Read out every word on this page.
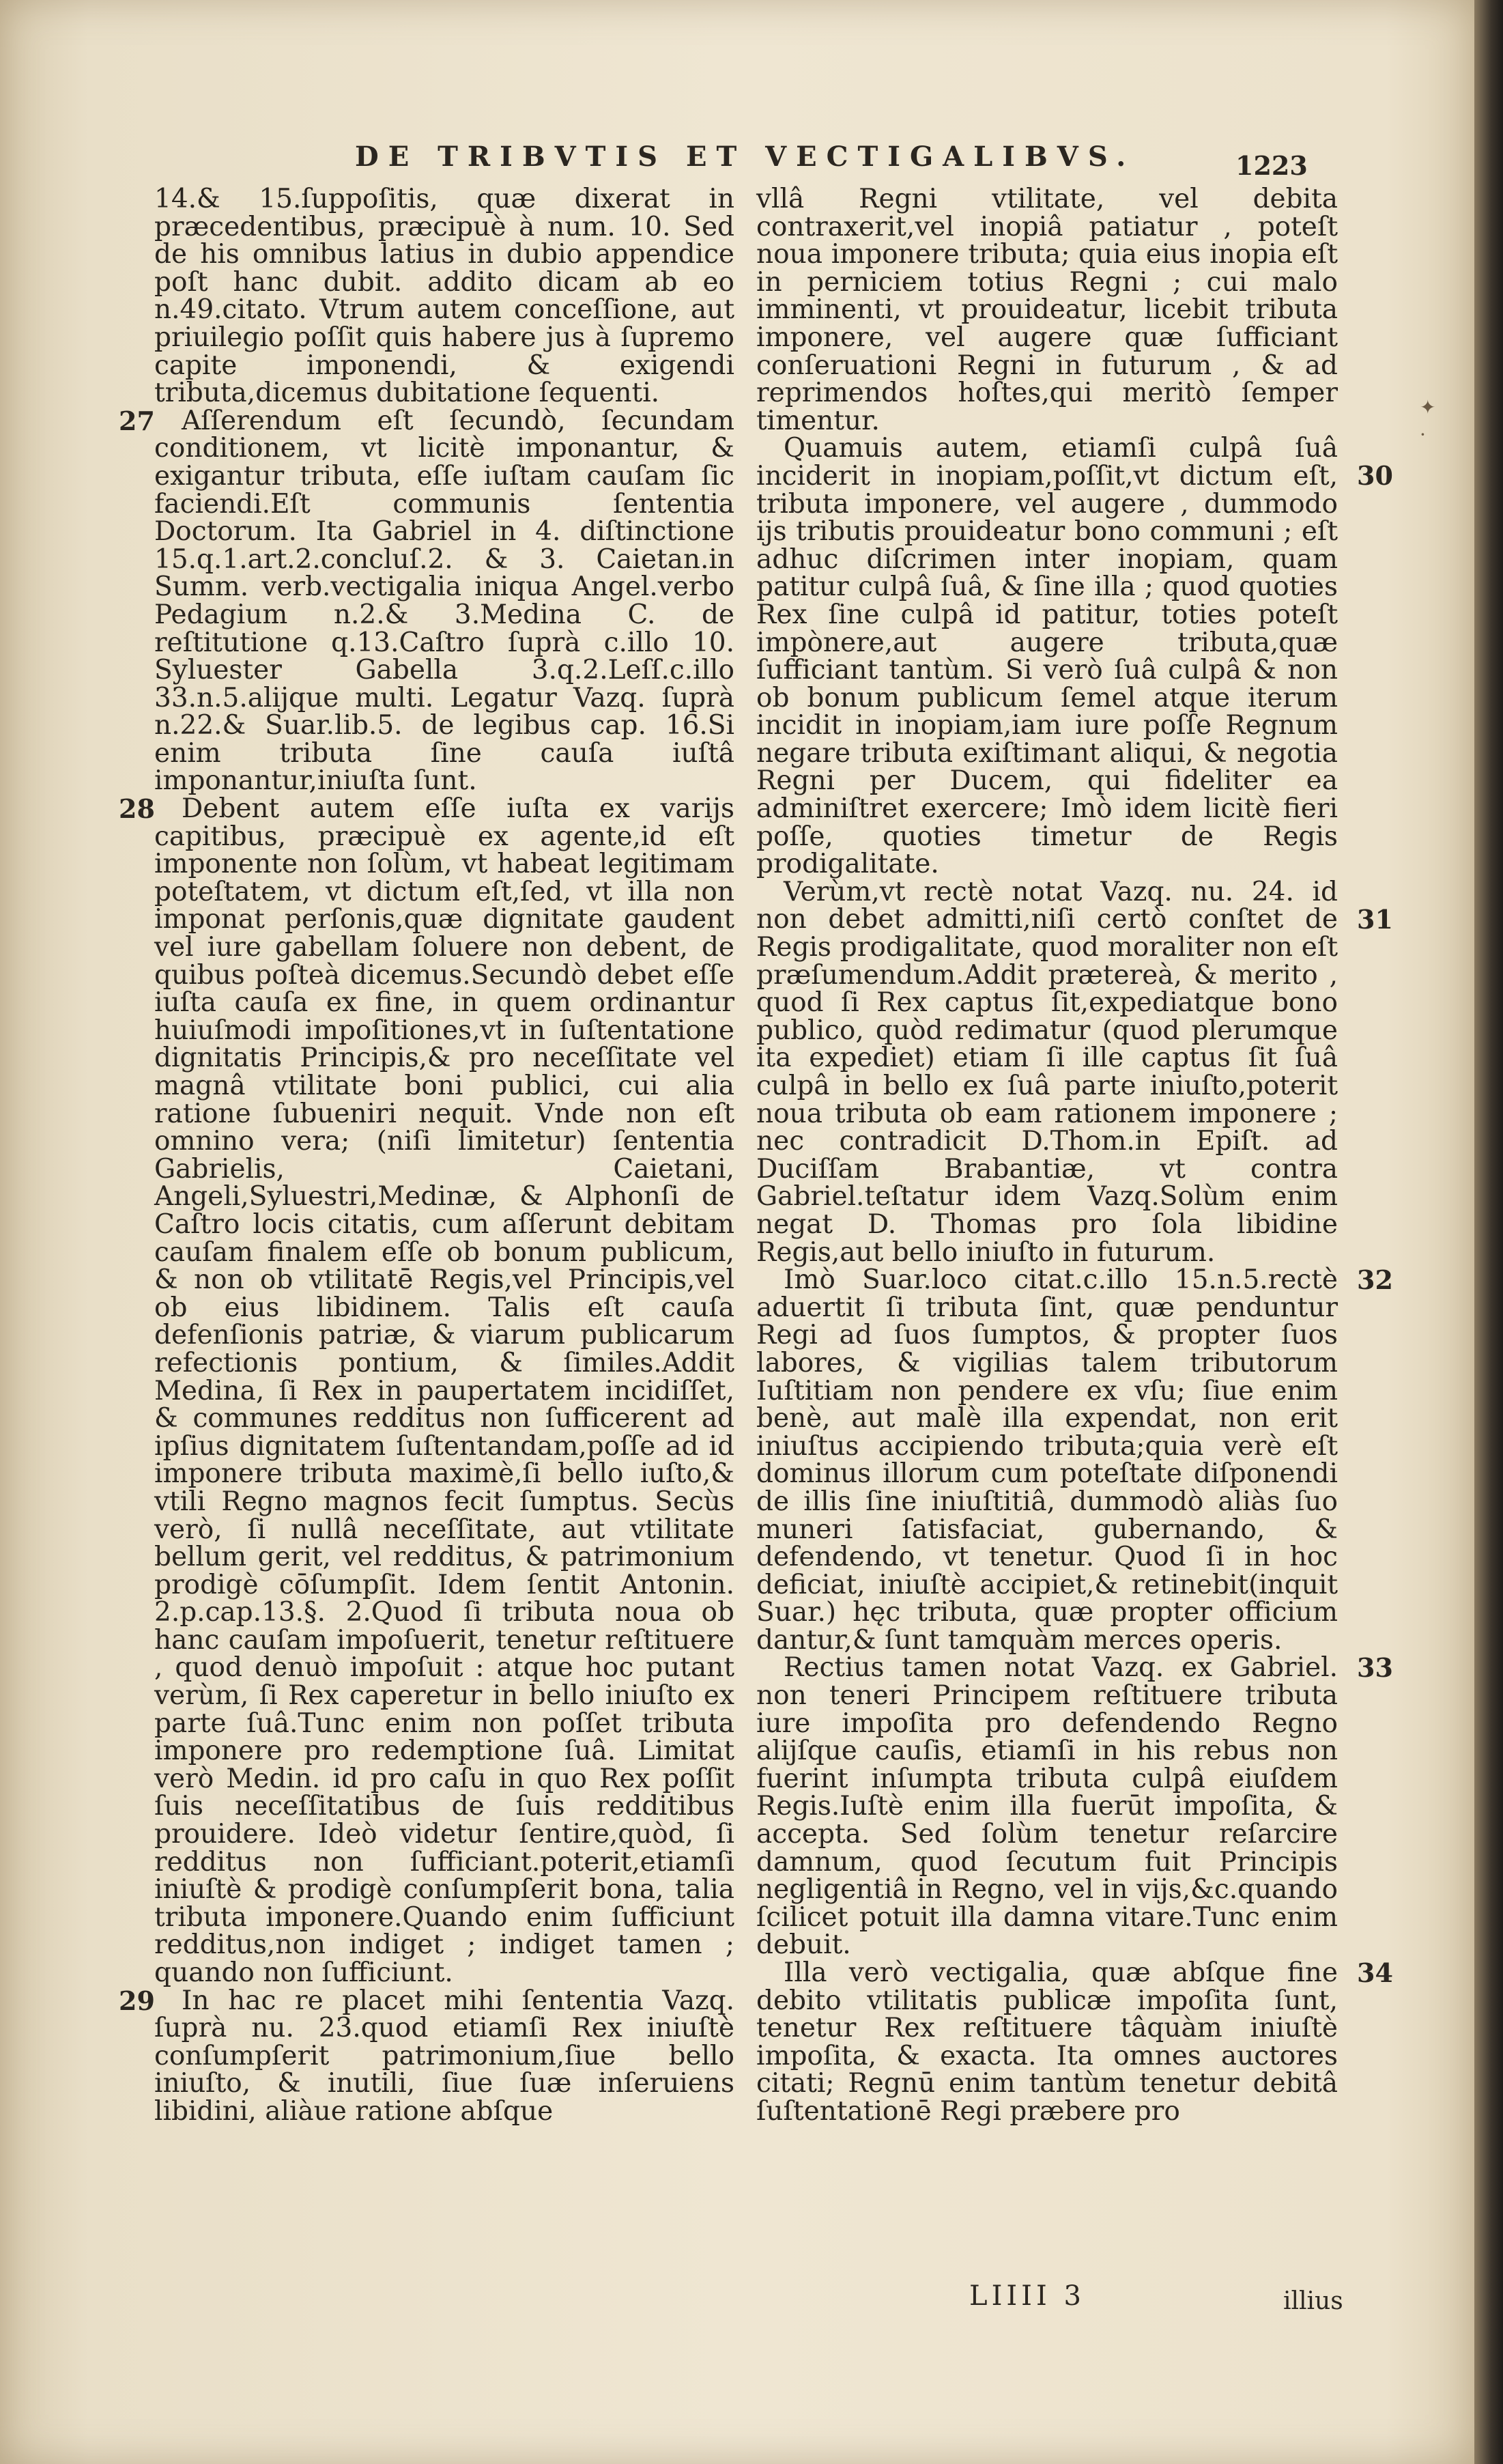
DE TRIBVTIS ET VECTIGALIBVS.	1223

14.& 15.ſuppoſitis, quæ dixerat in præcedentibus, præcipuè à num. 10. Sed de his omnibus latius in dubio appendice poſt hanc dubit. addito dicam ab eo n.49.citato. Vtrum autem conceſſione, aut priuilegio poſſit quis habere jus à ſupremo capite imponendi, & exigendi tributa,dicemus dubitatione ſequenti.

27	Aſſerendum eſt ſecundò, ſecundam conditionem, vt licitè imponantur, & exigantur tributa, eſſe iuſtam cauſam ſic faciendi.Eſt communis ſententia Doctorum. Ita Gabriel in 4. diſtinctione 15.q.1.art.2.concluſ.2. & 3. Caietan.in Summ. verb.vectigalia iniqua Angel.verbo Pedagium n.2.& 3.Medina C. de reſtitutione q.13.Caſtro ſuprà c.illo 10. Syluester Gabella 3.q.2.Leſſ.c.illo 33.n.5.alijque multi. Legatur Vazq. ſuprà n.22.& Suar.lib.5. de legibus cap. 16.Si enim tributa ſine cauſa iuſtâ imponantur,iniuſta ſunt.

28	Debent autem eſſe iuſta ex varijs capitibus, præcipuè ex agente,id eſt imponente non ſolùm, vt habeat legitimam poteſtatem, vt dictum eſt,ſed, vt illa non imponat perſonis,quæ dignitate gaudent vel iure gabellam ſoluere non debent, de quibus poſteà dicemus.Secundò debet eſſe iuſta cauſa ex fine, in quem ordinantur huiuſmodi impoſitiones,vt in ſuſtentatione dignitatis Principis,& pro neceſſitate vel magnâ vtilitate boni publici, cui alia ratione ſubueniri nequit. Vnde non eſt omnino vera; (niſi limitetur) ſententia Gabrielis, Caietani, Angeli,Syluestri,Medinæ, & Alphonſi de Caſtro locis citatis, cum aſſerunt debitam cauſam finalem eſſe ob bonum publicum, & non ob vtilitatē Regis,vel Principis,vel ob eius libidinem. Talis eſt cauſa defenſionis patriæ, & viarum publicarum refectionis pontium, & ſimiles.Addit Medina, ſi Rex in paupertatem incidiſſet, & communes redditus non ſufficerent ad ipſius dignitatem ſuſtentandam,poſſe ad id imponere tributa maximè,ſi bello iuſto,& vtili Regno magnos fecit ſumptus. Secùs verò, ſi nullâ neceſſitate, aut vtilitate bellum gerit, vel redditus, & patrimonium prodigè cōſumpſit. Idem ſentit Antonin. 2.p.cap.13.§. 2.Quod ſi tributa noua ob hanc cauſam impoſuerit, tenetur reſtituere , quod denuò impoſuit : atque hoc putant verùm, ſi Rex caperetur in bello iniuſto ex parte ſuâ.Tunc enim non poſſet tributa imponere pro redemptione ſuâ. Limitat verò Medin. id pro caſu in quo Rex poſſit ſuis neceſſitatibus de ſuis redditibus prouidere. Ideò videtur ſentire,quòd, ſi redditus non ſufficiant.poterit,etiamſi iniuſtè & prodigè conſumpſerit bona, talia tributa imponere.Quando enim ſufficiunt redditus,non indiget ; indiget tamen ; quando non ſufficiunt.

29	In hac re placet mihi ſententia Vazq. ſuprà nu. 23.quod etiamſi Rex iniuſtè conſumpſerit patrimonium,ſiue bello iniuſto, & inutili, ſiue ſuæ inſeruiens libidini, aliàue ratione abſque

vllâ Regni vtilitate, vel debita contraxerit,vel inopiâ patiatur , poteſt noua imponere tributa; quia eius inopia eſt in perniciem totius Regni ; cui malo imminenti, vt prouideatur, licebit tributa imponere, vel augere quæ ſufficiant conſeruationi Regni in futurum , & ad reprimendos hoſtes,qui meritò ſemper timentur.

30

Quamuis autem, etiamſi culpâ ſuâ inciderit in inopiam,poſſit,vt dictum eſt, tributa imponere, vel augere , dummodo ijs tributis prouideatur bono communi ; eſt adhuc diſcrimen inter inopiam, quam patitur culpâ ſuâ, & ſine illa ; quod quoties Rex ſine culpâ id patitur, toties poteſt impònere,aut augere tributa,quæ ſufficiant tantùm. Si verò ſuâ culpâ & non ob bonum publicum ſemel atque iterum incidit in inopiam,iam iure poſſe Regnum negare tributa exiſtimant aliqui, & negotia Regni per Ducem, qui fideliter ea adminiſtret exercere; Imò idem licitè fieri poſſe, quoties timetur de Regis prodigalitate.

31

Verùm,vt rectè notat Vazq. nu. 24. id non debet admitti,niſi certò conſtet de Regis prodigalitate, quod moraliter non eſt præſumendum.Addit prætereà, & merito , quod ſi Rex captus ſit,expediatque bono publico, quòd redimatur (quod plerumque ita expediet) etiam ſi ille captus ſit ſuâ culpâ in bello ex ſuâ parte iniuſto,poterit noua tributa ob eam rationem imponere ; nec contradicit D.Thom.in Epiſt. ad Duciſſam Brabantiæ, vt contra Gabriel.teſtatur idem Vazq.Solùm enim negat D. Thomas pro ſola libidine Regis,aut bello iniuſto in futurum.

32

Imò Suar.loco citat.c.illo 15.n.5.rectè aduertit ſi tributa ſint, quæ penduntur Regi ad ſuos ſumptos, & propter ſuos labores, & vigilias talem tributorum Iuſtitiam non pendere ex vſu; ſiue enim benè, aut malè illa expendat, non erit iniuſtus accipiendo tributa;quia verè eſt dominus illorum cum poteſtate diſponendi de illis ſine iniuſtitiâ, dummodò aliàs ſuo muneri ſatisfaciat, gubernando, & defendendo, vt tenetur. Quod ſi in hoc deficiat, iniuſtè accipiet,& retinebit(inquit Suar.) hęc tributa, quæ propter officium dantur,& ſunt tamquàm merces operis.

33

Rectius tamen notat Vazq. ex Gabriel. non teneri Principem reſtituere tributa iure impoſita pro defendendo Regno alijſque cauſis, etiamſi in his rebus non fuerint inſumpta tributa culpâ eiuſdem Regis.Iuſtè enim illa fuerūt impoſita, & accepta. Sed ſolùm tenetur reſarcire damnum, quod ſecutum fuit Principis negligentiâ in Regno, vel in vijs,&c.quando ſcilicet potuit illa damna vitare.Tunc enim debuit.

34

Illa verò vectigalia, quæ abſque fine debito vtilitatis publicæ impoſita ſunt, tenetur Rex reſtituere tâquàm iniuſtè impoſita, & exacta. Ita omnes auctores citati; Regnū enim tantùm tenetur debitâ ſuſtentationē Regi præbere pro

✦
·
LIIII 3	illius
